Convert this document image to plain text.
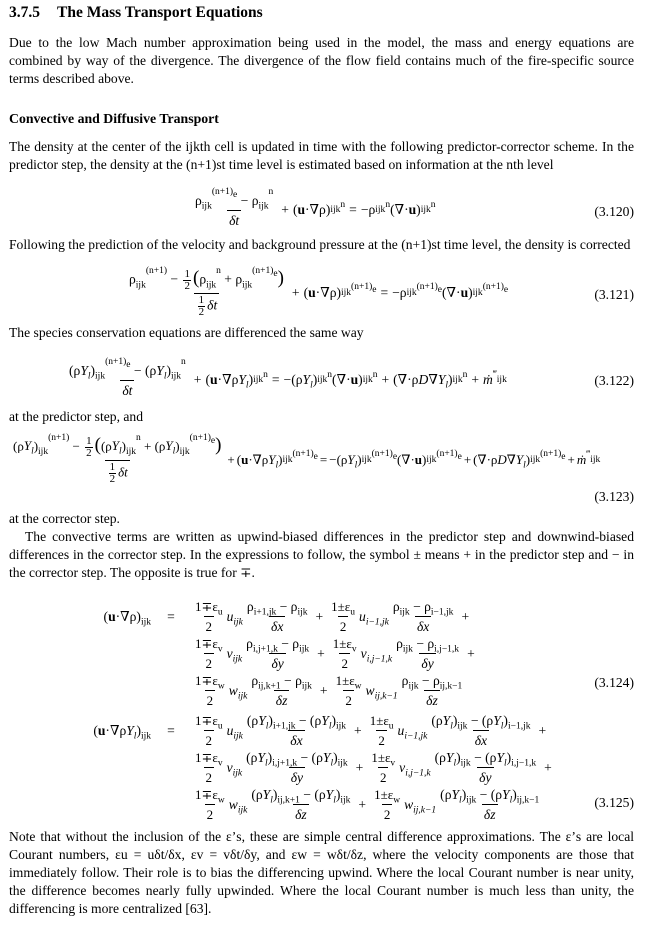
3.7.5 The Mass Transport Equations
Due to the low Mach number approximation being used in the model, the mass and energy equations are combined by way of the divergence. The divergence of the flow field contains much of the fire-specific source terms described above.
Convective and Diffusive Transport
The density at the center of the ijkth cell is updated in time with the following predictor-corrector scheme. In the predictor step, the density at the (n+1)st time level is estimated based on information at the nth level
$\frac{\rho_{ijk}^{(n+1)_e} - \rho_{ijk}^n}{\delta t}$ + ( u ·∇ρ) ijk$^n$ = −ρ ijk$^n$ (∇· u ) ijk$^n$	(3.120)
Following the prediction of the velocity and background pressure at the (n+1)st time level, the density is corrected
$\frac{\rho_{ijk}^{(n+1)} - \frac{1}{2} (\rho_{ijk}^n + \rho_{ijk}^{(n+1)_e})}{\frac{1}{2} \delta t}$ + ( u ·∇ρ) ijk
$^{(n+1)_e}$ = −ρ ijk
$^{(n+1)_e}$ (∇· u ) ijk
$^{(n+1)_e}$	(3.121)
The species conservation equations are differenced the same way
$\frac{(\rho Y_l)_{ijk}^{(n+1)_e} - (\rho Y_l)_{ijk}^n}{\delta t}$ + ( u ·∇ρ $Y_l$ ) ijk$^n$ = −(ρ $Y_l$ ) ijk$^n$ (∇· u ) ijk$^n$ + (∇·ρ D ∇ $Y_l$ ) ijk$^n$ + ṁ‴ ijk	(3.122)
at the predictor step, and
$\frac{(\rho Y_l)_{ijk}^{(n+1)} - \frac{1}{2} ((\rho Y_l)_{ijk}^n + (\rho Y_l)_{ijk}^{(n+1)_e})}{\frac{1}{2} \delta t}$ + ( u ·∇ρ $Y_l$ ) ijk
$^{(n+1)_e}$ = −(ρ $Y_l$ ) ijk
$^{(n+1)_e}$ (∇· u ) ijk
$^{(n+1)_e}$ + (∇·ρ D ∇ $Y_l$ ) ijk
$^{(n+1)_e}$ + ṁ‴ ijk
(3.123)
at the corrector step.
The convective terms are written as upwind-biased differences in the predictor step and downwind-biased differences in the corrector step. In the expressions to follow, the symbol ± means + in the predictor step and − in the corrector step. The opposite is true for ∓.
$(u\cdot\nabla\rho)_{ijk}$	=	$\frac{1\mp\varepsilon_u}{2} u_{ijk} \frac{\rho_{i+1,jk} - \rho_{ijk}}{\delta x} + \frac{1\pm\varepsilon_u}{2} u_{i-1,jk} \frac{\rho_{ijk} - \rho_{i-1,jk}}{\delta x}$ +
$\frac{1\mp\varepsilon_v}{2} v_{ijk} \frac{\rho_{i,j+1,k} - \rho_{ijk}}{\delta y} + \frac{1\pm\varepsilon_v}{2} v_{i,j-1,k} \frac{\rho_{ijk} - \rho_{i,j-1,k}}{\delta y}$ +
$\frac{1\mp\varepsilon_w}{2} w_{ijk} \frac{\rho_{ij,k+1} - \rho_{ijk}}{\delta z} + \frac{1\pm\varepsilon_w}{2} w_{ij,k-1} \frac{\rho_{ijk} - \rho_{ij,k-1}}{\delta z}$	(3.124)
$(u\cdot\nabla\rho Y_l)_{ijk}$	=	$\frac{1\mp\varepsilon_u}{2} u_{ijk} \frac{(\rho Y_l)_{i+1,jk} - (\rho Y_l)_{ijk}}{\delta x} + \frac{1\pm\varepsilon_u}{2} u_{i-1,jk} \frac{(\rho Y_l)_{ijk} - (\rho Y_l)_{i-1,jk}}{\delta x}$ +
$\frac{1\mp\varepsilon_v}{2} v_{ijk} \frac{(\rho Y_l)_{i,j+1,k} - (\rho Y_l)_{ijk}}{\delta y} + \frac{1\pm\varepsilon_v}{2} v_{i,j-1,k} \frac{(\rho Y_l)_{ijk} - (\rho Y_l)_{i,j-1,k}}{\delta y}$ +
$\frac{1\mp\varepsilon_w}{2} w_{ijk} \frac{(\rho Y_l)_{ij,k+1} - (\rho Y_l)_{ijk}}{\delta z} + \frac{1\pm\varepsilon_w}{2} w_{ij,k-1} \frac{(\rho Y_l)_{ijk} - (\rho Y_l)_{ij,k-1}}{\delta z}$	(3.125)
Note that without the inclusion of the ε’s, these are simple central difference approximations. The ε’s are local Courant numbers, εu = uδt/δx, εv = vδt/δy, and εw = wδt/δz, where the velocity components are those that immediately follow. Their role is to bias the differencing upwind. Where the local Courant number is near unity, the difference becomes nearly fully upwinded. Where the local Courant number is much less than unity, the differencing is more centralized [63].
